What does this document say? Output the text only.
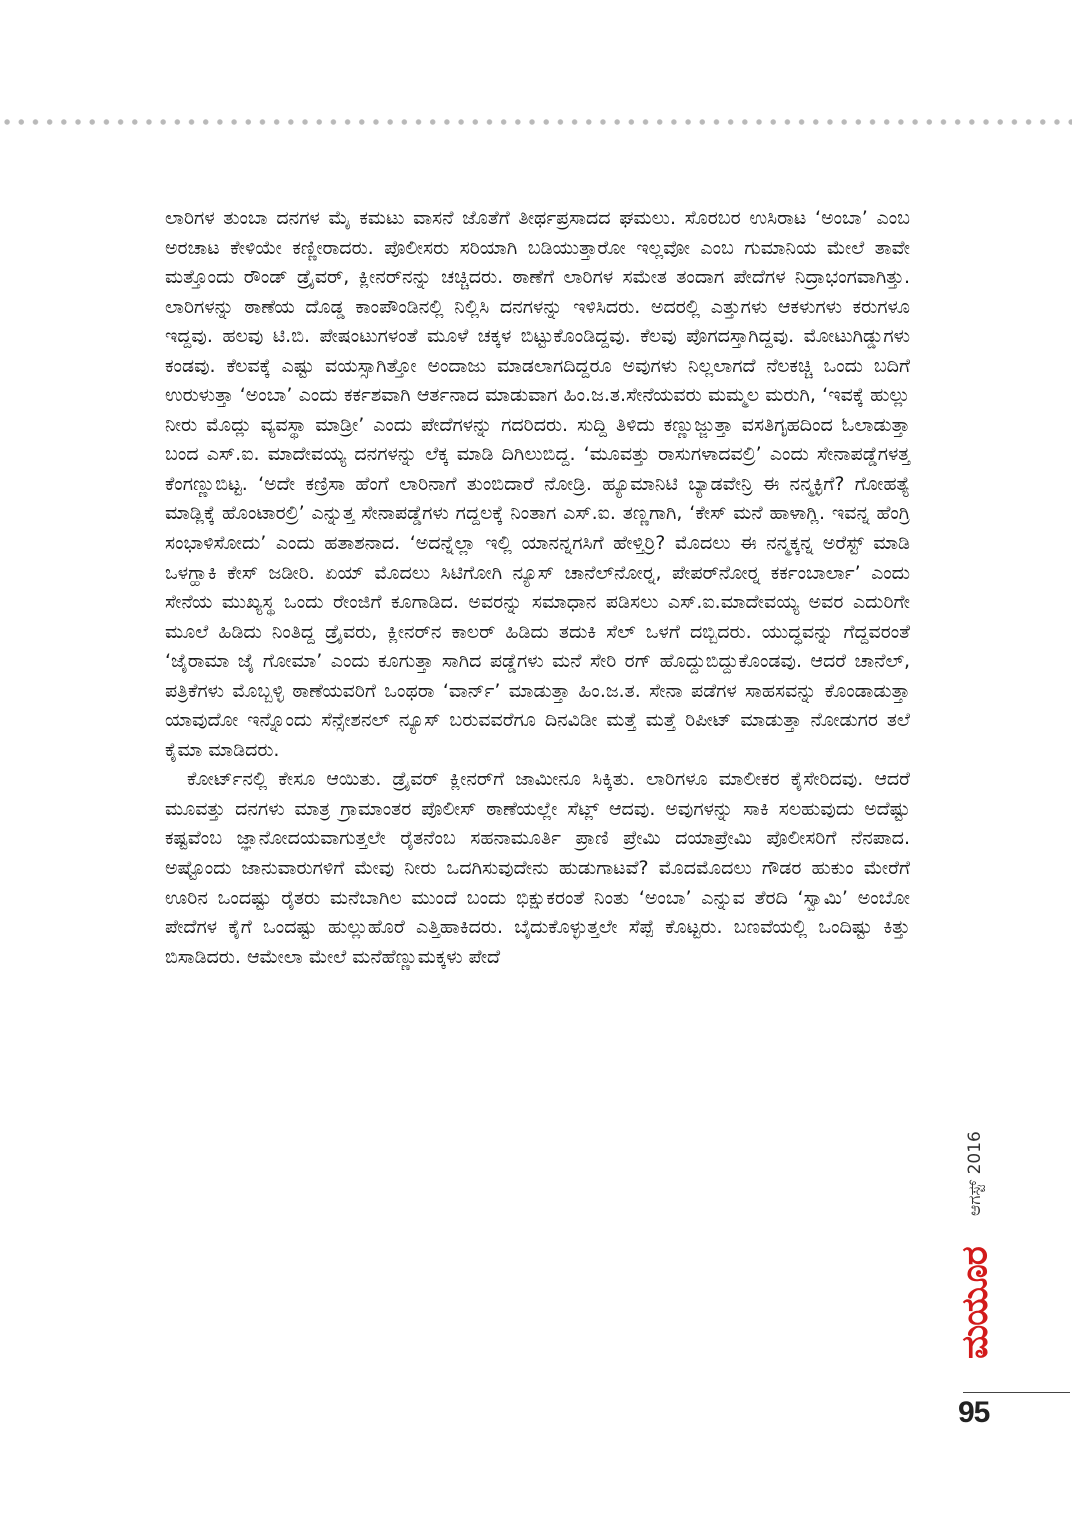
ಲಾರಿಗಳ ತುಂಬಾ ದನಗಳ ಮೈ ಕಮಟು ವಾಸನೆ ಜೊತೆಗೆ ತೀರ್ಥಪ್ರಸಾದದ ಘಮಲು. ಸೊರಬರ ಉಸಿರಾಟ ‘ಅಂಬಾ’ ಎಂಬ ಅರಚಾಟ ಕೇಳಿಯೇ ಕಣ್ಣೀರಾದರು. ಪೊಲೀಸರು ಸರಿಯಾಗಿ ಬಡಿಯುತ್ತಾರೋ ಇಲ್ಲವೋ ಎಂಬ ಗುಮಾನಿಯ ಮೇಲೆ ತಾವೇ ಮತ್ತೊಂದು ರೌಂಡ್ ಡ್ರೈವರ್, ಕ್ಲೀನರ್‌ನನ್ನು ಚಚ್ಚಿದರು. ಠಾಣೆಗೆ ಲಾರಿಗಳ ಸಮೇತ ತಂದಾಗ ಪೇದೆಗಳ ನಿದ್ರಾಭಂಗವಾಗಿತ್ತು. ಲಾರಿಗಳನ್ನು ಠಾಣೆಯ ದೊಡ್ಡ ಕಾಂಪೌಂಡಿನಲ್ಲಿ ನಿಲ್ಲಿಸಿ ದನಗಳನ್ನು ಇಳಿಸಿದರು. ಅದರಲ್ಲಿ ಎತ್ತುಗಳು ಆಕಳುಗಳು ಕರುಗಳೂ ಇದ್ದವು. ಹಲವು ಟಿ.ಬಿ. ಪೇಷಂಟುಗಳಂತೆ ಮೂಳೆ ಚಕ್ಕಳ ಬಿಟ್ಟುಕೊಂಡಿದ್ದವು. ಕೆಲವು ಪೊಗದಸ್ತಾಗಿದ್ದವು. ಮೋಟುಗಿಡ್ಡುಗಳು ಕಂಡವು. ಕೆಲವಕ್ಕೆ ಎಷ್ಟು ವಯಸ್ಸಾಗಿತ್ತೋ ಅಂದಾಜು ಮಾಡಲಾಗದಿದ್ದರೂ ಅವುಗಳು ನಿಲ್ಲಲಾಗದೆ ನೆಲಕಚ್ಚಿ ಒಂದು ಬದಿಗೆ ಉರುಳುತ್ತಾ ‘ಅಂಬಾ’ ಎಂದು ಕರ್ಕಶವಾಗಿ ಆರ್ತನಾದ ಮಾಡುವಾಗ ಹಿಂ.ಜ.ತ.ಸೇನೆಯವರು ಮಮ್ಮಲ ಮರುಗಿ, ‘ಇವಕ್ಕೆ ಹುಲ್ಲು ನೀರು ಮೊದ್ಲು ವ್ಯವಸ್ಥಾ ಮಾಡ್ರೀ’ ಎಂದು ಪೇದೆಗಳನ್ನು ಗದರಿದರು. ಸುದ್ದಿ ತಿಳಿದು ಕಣ್ಣುಜ್ಜುತ್ತಾ ವಸತಿಗೃಹದಿಂದ ಓಲಾಡುತ್ತಾ ಬಂದ ಎಸ್.ಐ. ಮಾದೇವಯ್ಯ ದನಗಳನ್ನು ಲೆಕ್ಕ ಮಾಡಿ ದಿಗಿಲುಬಿದ್ದ. ‘ಮೂವತ್ತು ರಾಸುಗಳಾದವಲ್ರಿ’ ಎಂದು ಸೇನಾಪಡ್ಡೆಗಳತ್ತ ಕೆಂಗಣ್ಣುಬಿಟ್ಟ. ‘ಅದೇ ಕಣ್ರಿಸಾ ಹೆಂಗೆ ಲಾರಿನಾಗೆ ತುಂಬಿದಾರೆ ನೋಡ್ರಿ. ಹ್ಯೂಮಾನಿಟಿ ಬ್ಯಾಡವೇನ್ರಿ ಈ ನನ್ಮಕ್ಳಿಗೆ? ಗೋಹತ್ಯೆ ಮಾಡ್ಲಿಕ್ಕೆ ಹೊಂಟಾರಲ್ರಿ’ ಎನ್ನುತ್ತ ಸೇನಾಪಡ್ಡೆಗಳು ಗದ್ದಲಕ್ಕೆ ನಿಂತಾಗ ಎಸ್.ಐ. ತಣ್ಣಗಾಗಿ, ‘ಕೇಸ್ ಮನೆ ಹಾಳಾಗ್ಲಿ. ಇವನ್ನ ಹೆಂಗ್ರಿ ಸಂಭಾಳಿಸೋದು’ ಎಂದು ಹತಾಶನಾದ. ‘ಅದನ್ನೆಲ್ಲಾ ಇಲ್ಲಿ ಯಾನನ್ನಗಸಿಗೆ ಹೇಳ್ತಿರ್ರಿ? ಮೊದಲು ಈ ನನ್ಮಕ್ಕನ್ನ ಅರೆಸ್ಟ್ ಮಾಡಿ ಒಳಗ್ಹಾಕಿ ಕೇಸ್ ಜಡೀರಿ. ಏಯ್ ಮೊದಲು ಸಿಟಿಗೋಗಿ ನ್ಯೂಸ್ ಚಾನೆಲ್‌ನೋರ್‍ನ, ಪೇಪರ್‌ನೋರ್‍ನ ಕರ್ಕಂಬಾರ್ಲಾ’ ಎಂದು ಸೇನೆಯ ಮುಖ್ಯಸ್ಥ ಒಂದು ರೇಂಜಿಗೆ ಕೂಗಾಡಿದ. ಅವರನ್ನು ಸಮಾಧಾನ ಪಡಿಸಲು ಎಸ್.ಐ.ಮಾದೇವಯ್ಯ ಅವರ ಎದುರಿಗೇ ಮೂಲೆ ಹಿಡಿದು ನಿಂತಿದ್ದ ಡ್ರೈವರು, ಕ್ಲೀನರ್‌ನ ಕಾಲರ್ ಹಿಡಿದು ತದುಕಿ ಸೆಲ್ ಒಳಗೆ ದಬ್ಬಿದರು. ಯುದ್ಧವನ್ನು ಗೆದ್ದವರಂತೆ ‘ಜೈರಾಮಾ ಜೈ ಗೋಮಾ’ ಎಂದು ಕೂಗುತ್ತಾ ಸಾಗಿದ ಪಡ್ಡೆಗಳು ಮನೆ ಸೇರಿ ರಗ್ ಹೊದ್ದುಬಿದ್ದುಕೊಂಡವು. ಆದರೆ ಚಾನೆಲ್, ಪತ್ರಿಕೆಗಳು ಮೊಬ್ಬಳ್ಳಿ ಠಾಣೆಯವರಿಗೆ ಒಂಥರಾ ‘ವಾರ್ನ್’ ಮಾಡುತ್ತಾ ಹಿಂ.ಜ.ತ. ಸೇನಾ ಪಡೆಗಳ ಸಾಹಸವನ್ನು ಕೊಂಡಾಡುತ್ತಾ ಯಾವುದೋ ಇನ್ನೊಂದು ಸೆನ್ಸೇಶನಲ್ ನ್ಯೂಸ್ ಬರುವವರೆಗೂ ದಿನವಿಡೀ ಮತ್ತೆ ಮತ್ತೆ ರಿಪೀಟ್ ಮಾಡುತ್ತಾ ನೋಡುಗರ ತಲೆ ಕೈಮಾ ಮಾಡಿದರು.

ಕೋರ್ಟ್‌ನಲ್ಲಿ ಕೇಸೂ ಆಯಿತು. ಡ್ರೈವರ್ ಕ್ಲೀನರ್‌ಗೆ ಜಾಮೀನೂ ಸಿಕ್ಕಿತು. ಲಾರಿಗಳೂ ಮಾಲೀಕರ ಕೈಸೇರಿದವು. ಆದರೆ ಮೂವತ್ತು ದನಗಳು ಮಾತ್ರ ಗ್ರಾಮಾಂತರ ಪೊಲೀಸ್ ಠಾಣೆಯಲ್ಲೇ ಸೆಟ್ಲ್ ಆದವು. ಅವುಗಳನ್ನು ಸಾಕಿ ಸಲಹುವುದು ಅದೆಷ್ಟು ಕಷ್ಟವೆಂಬ ಜ್ಞಾನೋದಯವಾಗುತ್ತಲೇ ರೈತನೆಂಬ ಸಹನಾಮೂರ್ತಿ ಪ್ರಾಣಿ ಪ್ರೇಮಿ ದಯಾಪ್ರೇಮಿ ಪೊಲೀಸರಿಗೆ ನೆನಪಾದ. ಅಷ್ಟೊಂದು ಜಾನುವಾರುಗಳಿಗೆ ಮೇವು ನೀರು ಒದಗಿಸುವುದೇನು ಹುಡುಗಾಟವೆ? ಮೊದಮೊದಲು ಗೌಡರ ಹುಕುಂ ಮೇರೆಗೆ ಊರಿನ ಒಂದಷ್ಟು ರೈತರು ಮನೆಬಾಗಿಲ ಮುಂದೆ ಬಂದು ಭಿಕ್ಷುಕರಂತೆ ನಿಂತು ‘ಅಂಬಾ’ ಎನ್ನುವ ತೆರದಿ ‘ಸ್ವಾಮಿ’ ಅಂಬೋ ಪೇದೆಗಳ ಕೈಗೆ ಒಂದಷ್ಟು ಹುಲ್ಲುಹೊರೆ ಎತ್ತಿಹಾಕಿದರು. ಬೈದುಕೊಳ್ಳುತ್ತಲೇ ಸೆಪ್ಪೆ ಕೊಟ್ಟರು. ಬಣವೆಯಲ್ಲಿ ಒಂದಿಷ್ಟು ಕಿತ್ತು ಬಿಸಾಡಿದರು. ಆಮೇಲಾ ಮೇಲೆ ಮನೆಹೆಣ್ಣುಮಕ್ಕಳು ಪೇದೆ

ಆಗಸ್ಟ್ 2016
ಮಯೂರ
95
